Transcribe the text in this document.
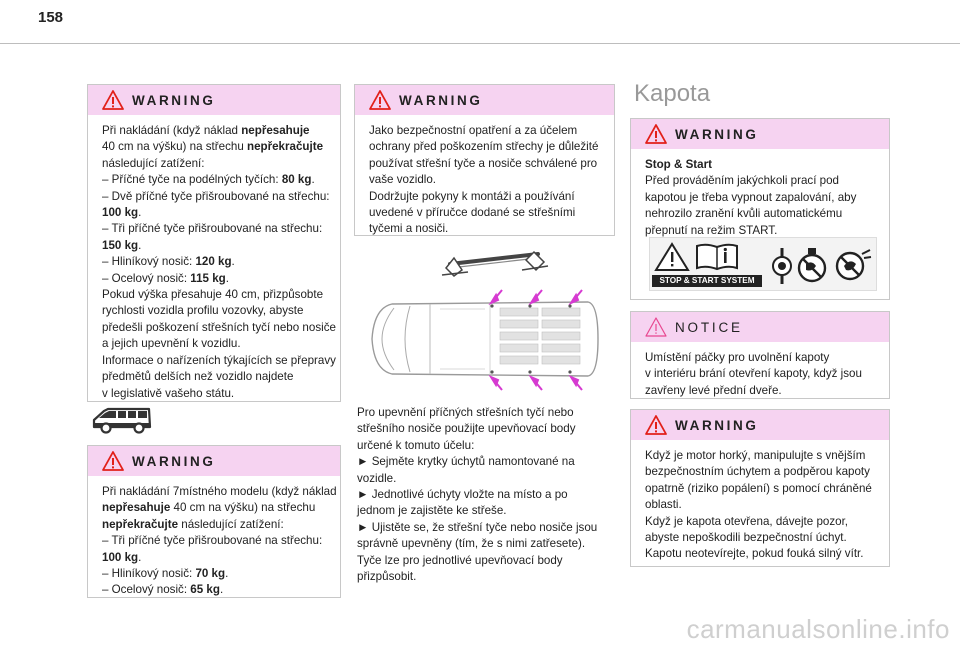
158
WARNING
Při nakládání (když náklad nepřesahuje
40 cm na výšku) na střechu nepřekračujte
následující zatížení:
– Příčné tyče na podélných tyčích: 80 kg.
– Dvě příčné tyče přišroubované na střechu:
100 kg.
– Tři příčné tyče přišroubované na střechu:
150 kg.
– Hliníkový nosič: 120 kg.
– Ocelový nosič: 115 kg.
Pokud výška přesahuje 40 cm, přizpůsobte
rychlosti vozidla profilu vozovky, abyste
předešli poškození střešních tyčí nebo nosiče
a jejich upevnění k vozidlu.
Informace o nařízeních týkajících se přepravy
předmětů delších než vozidlo najdete
v legislativě vašeho státu.
WARNING
Při nakládání 7místného modelu (když náklad
nepřesahuje 40 cm na výšku) na střechu
nepřekračujte následující zatížení:
– Tři příčné tyče přišroubované na střechu:
100 kg.
– Hliníkový nosič: 70 kg.
– Ocelový nosič: 65 kg.
WARNING
Jako bezpečnostní opatření a za účelem
ochrany před poškozením střechy je důležité
používat střešní tyče a nosiče schválené pro
vaše vozidlo.
Dodržujte pokyny k montáži a používání
uvedené v příručce dodané se střešními
tyčemi a nosiči.
Pro upevnění příčných střešních tyčí nebo
střešního nosiče použijte upevňovací body
určené k tomuto účelu:
► Sejměte krytky úchytů namontované na
vozidle.
► Jednotlivé úchyty vložte na místo a po
jednom je zajistěte ke střeše.
► Ujistěte se, že střešní tyče nebo nosiče jsou
správně upevněny (tím, že s nimi zatřesete).
Tyče lze pro jednotlivé upevňovací body
přizpůsobit.
Kapota
WARNING
Stop & Start
Před prováděním jakýchkoli prací pod
kapotou je třeba vypnout zapalování, aby
nehrozilo zranění kvůli automatickému
přepnutí na režim START.
STOP & START SYSTEM
NOTICE
Umístění páčky pro uvolnění kapoty
v interiéru brání otevření kapoty, když jsou
zavřeny levé přední dveře.
WARNING
Když je motor horký, manipulujte s vnějším
bezpečnostním úchytem a podpěrou kapoty
opatrně (riziko popálení) s pomocí chráněné
oblasti.
Když je kapota otevřena, dávejte pozor,
abyste nepoškodili bezpečnostní úchyt.
Kapotu neotevírejte, pokud fouká silný vítr.
carmanualsonline.info
